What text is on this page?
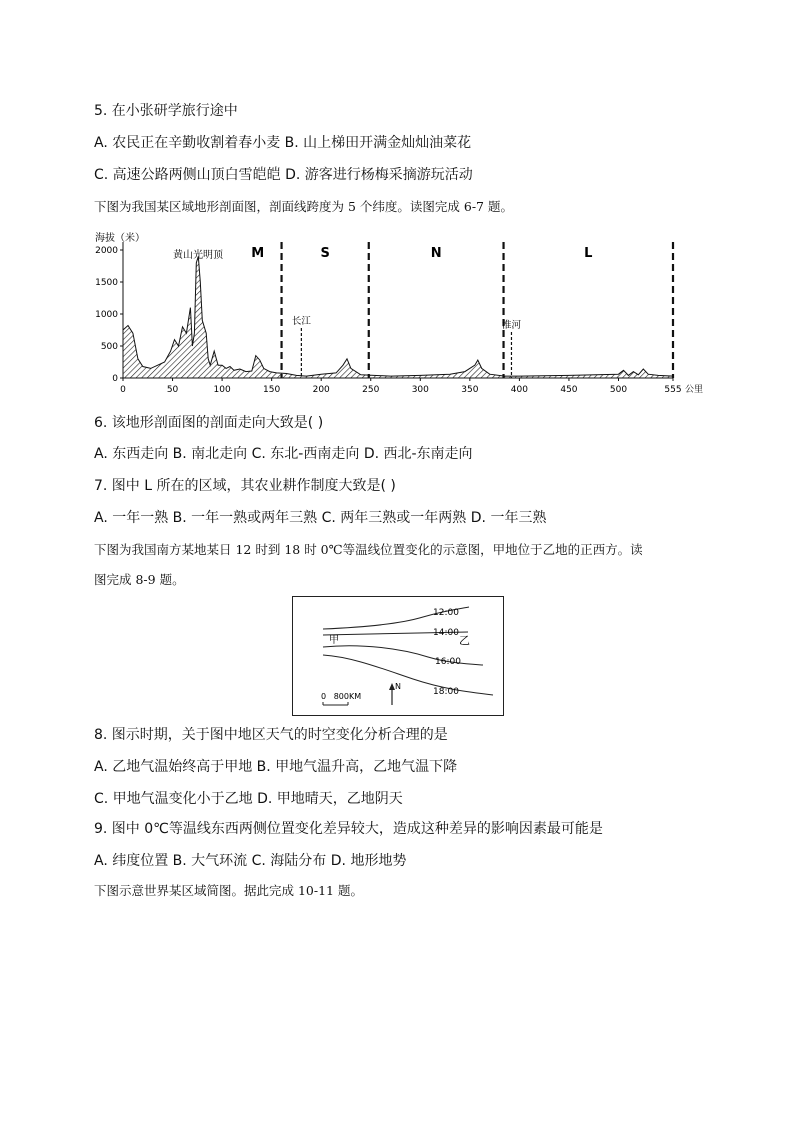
5. 在小张研学旅行途中
A. 农民正在辛勤收割着春小麦 B. 山上梯田开满金灿灿油菜花
C. 高速公路两侧山顶白雪皑皑 D. 游客进行杨梅采摘游玩活动
下图为我国某区域地形剖面图，剖面线跨度为 5 个纬度。读图完成 6-7 题。
长江	淮河
海拔（米）
黄山光明顶 M	S	N	L
2000
1500
1000
500
0
0	50	100	150	200	250	300	350	400	450	500	555 公里
6. 该地形剖面图的剖面走向大致是( )
A. 东西走向 B. 南北走向 C. 东北-西南走向 D. 西北-东南走向
7. 图中 L 所在的区域，其农业耕作制度大致是( )
A. 一年一熟 B. 一年一熟或两年三熟 C. 两年三熟或一年两熟 D. 一年三熟
下图为我国南方某地某日 12 时到 18 时 0℃等温线位置变化的示意图，甲地位于乙地的正西方。读
图完成 8-9 题。
12:00
14:00
16:00
18:00
甲	乙
0   800KM
N
8. 图示时期，关于图中地区天气的时空变化分析合理的是
A. 乙地气温始终高于甲地 B. 甲地气温升高，乙地气温下降
C. 甲地气温变化小于乙地 D. 甲地晴天，乙地阴天
9. 图中 0℃等温线东西两侧位置变化差异较大，造成这种差异的影响因素最可能是
A. 纬度位置 B. 大气环流 C. 海陆分布 D. 地形地势
下图示意世界某区域简图。据此完成 10-11 题。
